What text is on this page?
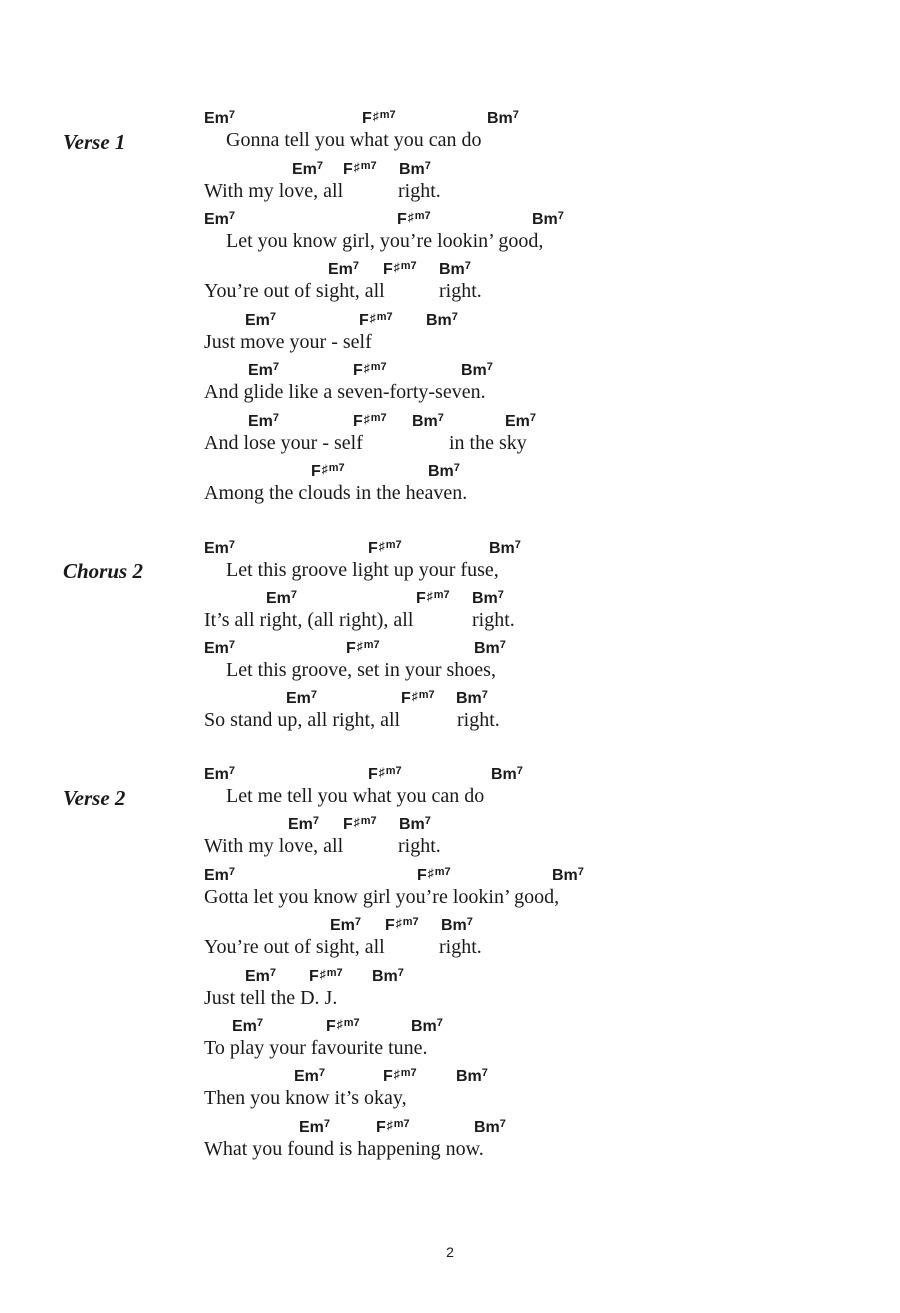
2
Verse 1
Em$^7$	F♯$^{m7}$	Bm$^7$
Gonna tell you what you can do
Em$^7$ F♯$^{m7}$ Bm$^7$
With my love, all	right.
Em$^7$	F♯$^{m7}$	Bm$^7$
Let you know girl, you’re lookin’ good,
Em$^7$ F♯$^{m7}$ Bm$^7$
You’re out of sight, all	right.
Em$^7$	F♯$^{m7}$ Bm$^7$
Just move your - self
Em$^7$	F♯$^{m7}$	Bm$^7$
And glide like a seven-forty-seven.
Em$^7$	F♯$^{m7}$ Bm$^7$	Em$^7$
And lose your - self	in the sky
F♯$^{m7}$	Bm$^7$
Among the clouds in the heaven.
Chorus 2
Em$^7$	F♯$^{m7}$	Bm$^7$
Let this groove light up your fuse,
Em$^7$	F♯$^{m7}$ Bm$^7$
It’s all right, (all right), all	right.
Em$^7$	F♯$^{m7}$	Bm$^7$
Let this groove, set in your shoes,
Em$^7$	F♯$^{m7}$ Bm$^7$
So stand up, all right, all	right.
Verse 2
Em$^7$	F♯$^{m7}$	Bm$^7$
Let me tell you what you can do
Em$^7$ F♯$^{m7}$ Bm$^7$
With my love, all	right.
Em$^7$	F♯$^{m7}$	Bm$^7$
Gotta let you know girl you’re lookin’ good,
Em$^7$ F♯$^{m7}$ Bm$^7$
You’re out of sight, all	right.
Em$^7$ F♯$^{m7}$ Bm$^7$
Just tell the D. J.
Em$^7$	F♯$^{m7}$	Bm$^7$
To play your favourite tune.
Em$^7$	F♯$^{m7}$ Bm$^7$
Then you know it’s okay,
Em$^7$	F♯$^{m7}$	Bm$^7$
What you found is happening now.
